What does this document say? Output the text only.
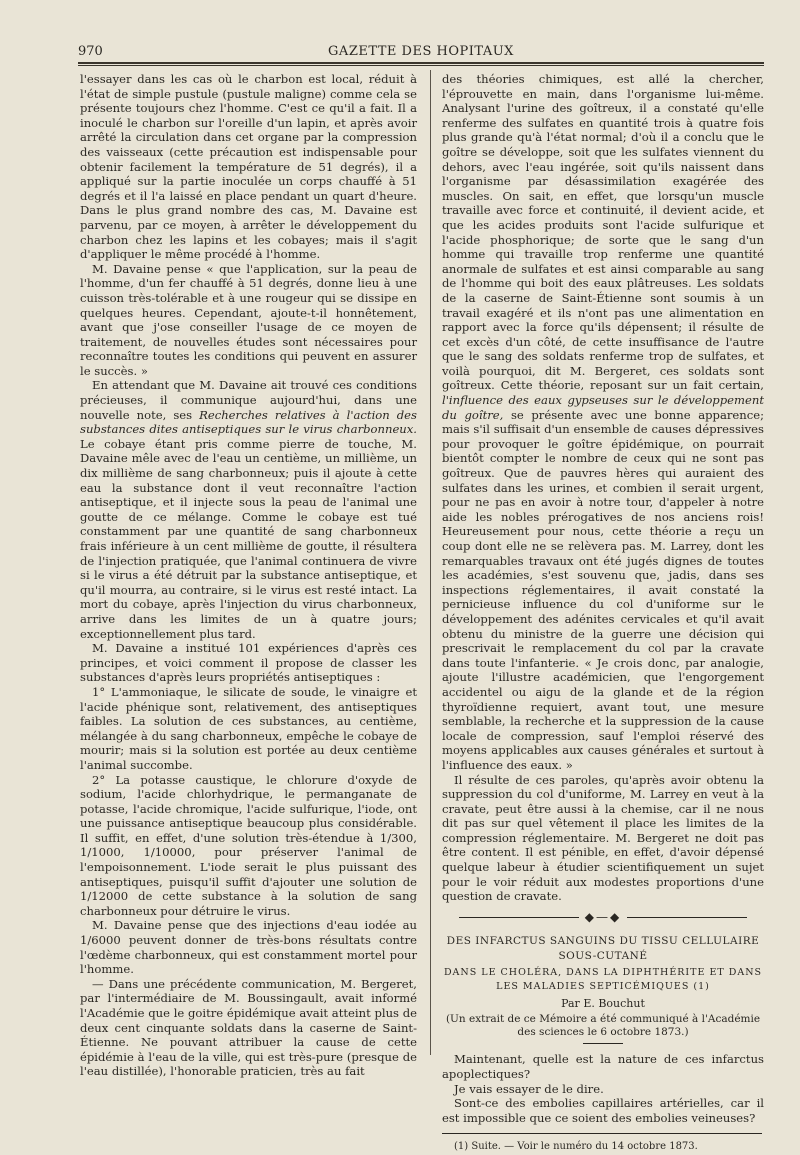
970	GAZETTE DES HOPITAUX

l'essayer dans les cas où le charbon est local, réduit à l'état de simple pustule (pustule maligne) comme cela se présente toujours chez l'homme. C'est ce qu'il a fait. Il a inoculé le charbon sur l'oreille d'un lapin, et après avoir arrêté la circulation dans cet organe par la compression des vaisseaux (cette précaution est indispensable pour obtenir facilement la température de 51 degrés), il a appliqué sur la partie inoculée un corps chauffé à 51 degrés et il l'a laissé en place pendant un quart d'heure. Dans le plus grand nombre des cas, M. Davaine est parvenu, par ce moyen, à arrêter le développement du charbon chez les lapins et les cobayes; mais il s'agit d'appliquer le même procédé à l'homme.

M. Davaine pense « que l'application, sur la peau de l'homme, d'un fer chauffé à 51 degrés, donne lieu à une cuisson très-tolérable et à une rougeur qui se dissipe en quelques heures. Cependant, ajoute-t-il honnêtement, avant que j'ose conseiller l'usage de ce moyen de traitement, de nouvelles études sont nécessaires pour reconnaître toutes les conditions qui peuvent en assurer le succès. »

En attendant que M. Davaine ait trouvé ces conditions précieuses, il communique aujourd'hui, dans une nouvelle note, ses Recherches relatives à l'action des substances dites antiseptiques sur le virus charbonneux. Le cobaye étant pris comme pierre de touche, M. Davaine mêle avec de l'eau un centième, un millième, un dix millième de sang charbonneux; puis il ajoute à cette eau la substance dont il veut reconnaître l'action antiseptique, et il injecte sous la peau de l'animal une goutte de ce mélange. Comme le cobaye est tué constamment par une quantité de sang charbonneux frais inférieure à un cent millième de goutte, il résultera de l'injection pratiquée, que l'animal continuera de vivre si le virus a été détruit par la substance antiseptique, et qu'il mourra, au contraire, si le virus est resté intact. La mort du cobaye, après l'injection du virus charbonneux, arrive dans les limites de un à quatre jours; exceptionnellement plus tard.

M. Davaine a institué 101 expériences d'après ces principes, et voici comment il propose de classer les substances d'après leurs propriétés antiseptiques :

1° L'ammoniaque, le silicate de soude, le vinaigre et l'acide phénique sont, relativement, des antiseptiques faibles. La solution de ces substances, au centième, mélangée à du sang charbonneux, empêche le cobaye de mourir; mais si la solution est portée au deux centième l'animal succombe.

2° La potasse caustique, le chlorure d'oxyde de sodium, l'acide chlorhydrique, le permanganate de potasse, l'acide chromique, l'acide sulfurique, l'iode, ont une puissance antiseptique beaucoup plus considérable. Il suffit, en effet, d'une solution très-étendue à 1/300, 1/1000, 1/10000, pour préserver l'animal de l'empoisonnement. L'iode serait le plus puissant des antiseptiques, puisqu'il suffit d'ajouter une solution de 1/12000 de cette substance à la solution de sang charbonneux pour détruire le virus.

M. Davaine pense que des injections d'eau iodée au 1/6000 peuvent donner de très-bons résultats contre l'œdème charbonneux, qui est constamment mortel pour l'homme.

— Dans une précédente communication, M. Bergeret, par l'intermédiaire de M. Boussingault, avait informé l'Académie que le goitre épidémique avait atteint plus de deux cent cinquante soldats dans la caserne de Saint-Étienne. Ne pouvant attribuer la cause de cette épidémie à l'eau de la ville, qui est très-pure (presque de l'eau distillée), l'honorable praticien, très au fait

des théories chimiques, est allé la chercher, l'éprouvette en main, dans l'organisme lui-même. Analysant l'urine des goîtreux, il a constaté qu'elle renferme des sulfates en quantité trois à quatre fois plus grande qu'à l'état normal; d'où il a conclu que le goître se développe, soit que les sulfates viennent du dehors, avec l'eau ingérée, soit qu'ils naissent dans l'organisme par désassimilation exagérée des muscles. On sait, en effet, que lorsqu'un muscle travaille avec force et continuité, il devient acide, et que les acides produits sont l'acide sulfurique et l'acide phosphorique; de sorte que le sang d'un homme qui travaille trop renferme une quantité anormale de sulfates et est ainsi comparable au sang de l'homme qui boit des eaux plâtreuses. Les soldats de la caserne de Saint-Étienne sont soumis à un travail exagéré et ils n'ont pas une alimentation en rapport avec la force qu'ils dépensent; il résulte de cet excès d'un côté, de cette insuffisance de l'autre que le sang des soldats renferme trop de sulfates, et voilà pourquoi, dit M. Bergeret, ces soldats sont goîtreux. Cette théorie, reposant sur un fait certain, l'influence des eaux gypseuses sur le développement du goître, se présente avec une bonne apparence; mais s'il suffisait d'un ensemble de causes dépressives pour provoquer le goître épidémique, on pourrait bientôt compter le nombre de ceux qui ne sont pas goîtreux. Que de pauvres hères qui auraient des sulfates dans les urines, et combien il serait urgent, pour ne pas en avoir à notre tour, d'appeler à notre aide les nobles prérogatives de nos anciens rois! Heureusement pour nous, cette théorie a reçu un coup dont elle ne se relèvera pas. M. Larrey, dont les remarquables travaux ont été jugés dignes de toutes les académies, s'est souvenu que, jadis, dans ses inspections réglementaires, il avait constaté la pernicieuse influence du col d'uniforme sur le développement des adénites cervicales et qu'il avait obtenu du ministre de la guerre une décision qui prescrivait le remplacement du col par la cravate dans toute l'infanterie. « Je crois donc, par analogie, ajoute l'illustre académicien, que l'engorgement accidentel ou aigu de la glande et de la région thyroïdienne requiert, avant tout, une mesure semblable, la recherche et la suppression de la cause locale de compression, sauf l'emploi réservé des moyens applicables aux causes générales et surtout à l'influence des eaux. »

Il résulte de ces paroles, qu'après avoir obtenu la suppression du col d'uniforme, M. Larrey en veut à la cravate, peut être aussi à la chemise, car il ne nous dit pas sur quel vêtement il place les limites de la compression réglementaire. M. Bergeret ne doit pas être content. Il est pénible, en effet, d'avoir dépensé quelque labeur à étudier scientifiquement un sujet pour le voir réduit aux modestes proportions d'une question de cravate.

◆—◆
DES INFARCTUS SANGUINS DU TISSU CELLULAIRE SOUS-CUTANÉ
DANS LE CHOLÉRA, DANS LA DIPHTHÉRITE ET DANS LES MALADIES SEPTICÉMIQUES (1)
Par E. Bouchut
(Un extrait de ce Mémoire a été communiqué à l'Académie des sciences le 6 octobre 1873.)

Maintenant, quelle est la nature de ces infarctus apoplectiques?

Je vais essayer de le dire.

Sont-ce des embolies capillaires artérielles, car il est impossible que ce soient des embolies veineuses?

(1) Suite. — Voir le numéro du 14 octobre 1873.
